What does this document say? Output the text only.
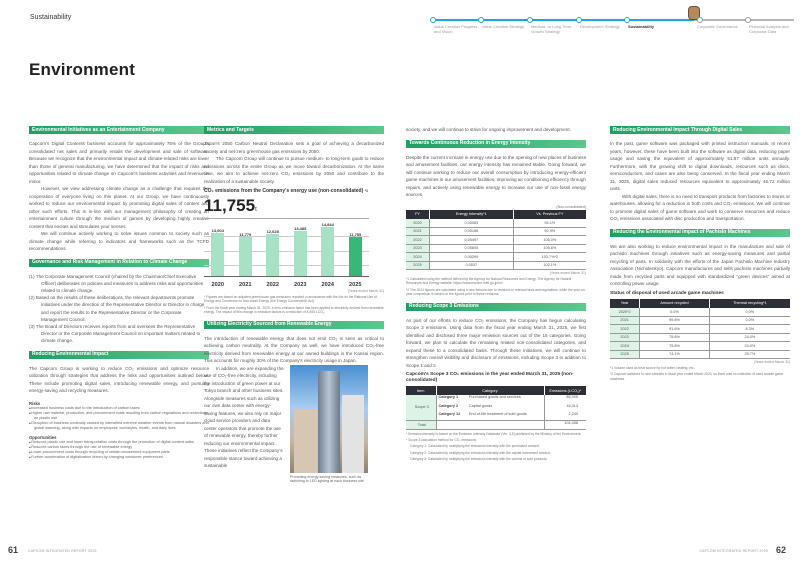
Sustainability
Environment
Value Creation Progress and Vision
Value Creation Strategy	Medium- to Long-Term Growth Strategy
Development Strategy	Sustainability	Corporate Governance	Financial Analysis and Corporate Data
Environmental Initiatives as an Entertainment Company

Capcom's Digital Contents business accounts for approximately 75% of the Group's consolidated net sales and primarily entails the development and sale of software. Because we recognize that the environmental impact and climate-related risks are lower than those of general manufacturing, we have determined that the impact of risks and opportunities related to climate change on Capcom's business activities and revenue is minor.

However, we view addressing climate change as a challenge that requires the cooperation of everyone living on this planet. At our Group, we have continuously worked to reduce our environmental impact by promoting digital sales of content and other such efforts. This is in-line with our management philosophy of creating an entertainment culture through the medium of games by developing highly creative content that excites and stimulates your senses.

We will continue actively working to solve issues common to society such as climate change while referring to indicators and frameworks such as the TCFD recommendations.

Governance and Risk Management in Relation to Climate Change
(1) The Corporate Management Council (chaired by the Chairman/Chief Executive Officer) deliberates on policies and measures to address risks and opportunities related to climate change.
(2) Based on the results of these deliberations, the relevant departments promote initiatives under the direction of the Representative Director or Director in charge and report the results to the Representative Director or the Corporate Management Council.
(3) The Board of Directors receives reports from and oversees the Representative Director or the Corporate Management Council on important matters related to climate change.
Reducing Environmental Impact

The Capcom Group is working to reduce CO₂ emissions and optimize resource utilization through strategies that address the risks and opportunities outlined below. These include promoting digital sales, introducing renewable energy, and pursuing energy-saving and recycling measures.

Risks
■ Increased business costs due to the introduction of carbon taxes
■ Higher raw material, production, and procurement costs resulting from carbon regulations and restrictions on plastic use
■ Disruption of business continuity caused by intensified extreme weather events from natural disasters and global warming, along with impacts on employees' workstyles, health, and daily lives
Opportunities
■ Reduced plastic use and lower transportation costs through the promotion of digital content sales
■ Reduced carbon taxes through the use of renewable energy
■ Lower procurement costs through recycling of certain amusement equipment parts
■ Further acceleration of digitalization driven by changing consumer preferences
Metrics and Targets

Japan's 2050 Carbon Neutral Declaration sets a goal of achieving a decarbonized society and net-zero greenhouse gas emissions by 2050.

The Capcom Group will continue to pursue medium- to long-term goals to reduce emissions across the entire Group as we move toward decarbonization. At the same time, we aim to achieve net-zero CO₂ emissions by 2050 and contribute to the realization of a sustainable society.

CO₂ emissions from the Company's energy use (non-consolidated) *1
11,755t
13,004
2020
11,779
2021
12,628
2022
13,485
2023
14,844
2024
11,755
2025
(Years ended March 31)
* Figures are based on adjusted greenhouse gas emissions reported in accordance with the Act on the Rational Use of Energy and Conversion to Non-fossil Energy (the Energy Conservation Act).
* From the fiscal year ending March 31, 2025, a zero-emission factor has been applied to electricity derived from renewable energy. The impact of this change in emission factors is a reduction of 4,455 t-CO₂.
Utilizing Electricity Sourced from Renewable Energy

The introduction of renewable energy that does not emit CO₂ is seen as critical to achieving carbon neutrality. At the Company as well, we have introduced CO₂-free electricity derived from renewable energy at our owned buildings in the Kansai region. This accounts for roughly 30% of the Company's electricity usage in Japan.

In addition, we are expanding the use of CO₂-free electricity, including the introduction of green power at our Tokyo branch and other business sites. Alongside measures such as utilizing our own data center with energy-saving features, we also rely on major cloud service providers and data center operators that promote the use of renewable energy, thereby further reducing our environmental impact. These initiatives reflect the Company's responsible stance toward achieving a sustainable

Promoting energy-saving measures, such as switching to LED lighting at each business site

society, and we will continue to strive for ongoing improvement and development.

Towards Continuous Reduction in Energy Intensity

Despite the current increase in energy use due to the opening of new places of business and amusement facilities, our energy intensity has remained stable. Going forward, we will continue working to reduce our overall consumption by introducing energy-efficient game machines in our amusement facilities, improving air conditioning efficiency through repairs, and actively using renewable energy to increase our use of non-fossil energy sources.

(Non-consolidated)
FY	Energy Intensity*1	Vs. Previous FY
2020	0.05083	95.1%
2021	0.05186	92.9%
2022	0.05497	106.0%
2023	0.05805	105.6%
2024	0.05299	103.7%*2
2025	0.0537	102.1%
(Years ended March 31)
*1 Calculated using the method defined by the Agency for Natural Resources and Energy. The Agency for Natural Resources and Energy website: https://www.enecho.meti.go.jp/en/
*2 The 2024 figures are calculated using a new formula due to revisions in relevant laws and regulations, while the year-on-year comparison is based on the figures prior to these revisions.
Reducing Scope 3 Emissions

As part of our efforts to reduce CO₂ emissions, the Company has begun calculating Scope 3 emissions. Using data from the fiscal year ending March 31, 2025, we first identified and disclosed three major emission sources out of the 15 categories. Going forward, we plan to calculate the remaining related non-consolidated categories, and expand these to a consolidated basis. Through these initiatives, we will continue to strengthen overall visibility and disclosure of emissions, including Scope 3 in addition to Scope 1 and 2.

Capcom's Scope 3 CO₂ emissions in the year ended March 31, 2025 (non-consolidated)
Item	Category		Emissions (t-CO₂)*
Scope 3	Category 1	Purchased goods and services	85,905
	Category 2	Capital goods	16,313
	Category 12	End-of-life treatment of sold goods	2,240
Total			104,458
* Emission intensity is based on the Emission Intensity Database (Ver. 3.5) published by the Ministry of the Environment.
* Scope 3 calculation method for CO₂ emissions
Category 1: Calculated by multiplying the emissions intensity with the purchased amount.
Category 2: Calculated by multiplying the emissions intensity with the capital investment amount.
Category 3: Calculated by multiplying the emissions intensity with the volume of sold products.
Reducing Environmental Impact Through Digital Sales

In the past, game software was packaged with printed instruction manuals. In recent years, however, these have been built into the software as digital data, reducing paper usage and saving the equivalent of approximately 51.87 million units annually. Furthermore, with the growing shift to digital downloads, resources such as discs, semiconductors, and cases are also being conserved. In the fiscal year ending March 31, 2025, digital sales reduced resources equivalent to approximately 46.72 million units.

With digital sales, there is no need to transport products from factories to stores or warehouses, allowing for a reduction in both costs and CO₂ emissions. We will continue to promote digital sales of game software and work to conserve resources and reduce CO₂ emissions associated with disc production and transportation.

Reducing the Environmental Impact of Pachislo Machines

We are also working to reduce environmental impact in the manufacture and sale of pachislo machines through initiatives such as energy-saving measures and partial recycling of parts. In solidarity with the efforts of the Japan Pachislo Machine Industry Association (Nichidenkyo), Capcom manufactures and sells pachislo machines partially made from recycled parts and equipped with standardized "green devices" aimed at controlling power usage.

Status of disposal of used arcade game machines
Year	Amount recycled	Thermal recycling*1
2020*2	0.0%	0.0%
2021	99.8%	0.0%
2022	91.6%	8.3%
2023	75.8%	24.0%
2024	75.8%	24.0%
2025	74.1%	25.7%
(Years ended March 31)
*1 Volume used as heat source for hot water, heating, etc.
*2 Capcom switched to new cabinets in fiscal year ended March 2020, so there was no collection of used arcade game machines.
61	CAPCOM INTEGRATED REPORT 2025	CAPCOM INTEGRATED REPORT 2025 62
